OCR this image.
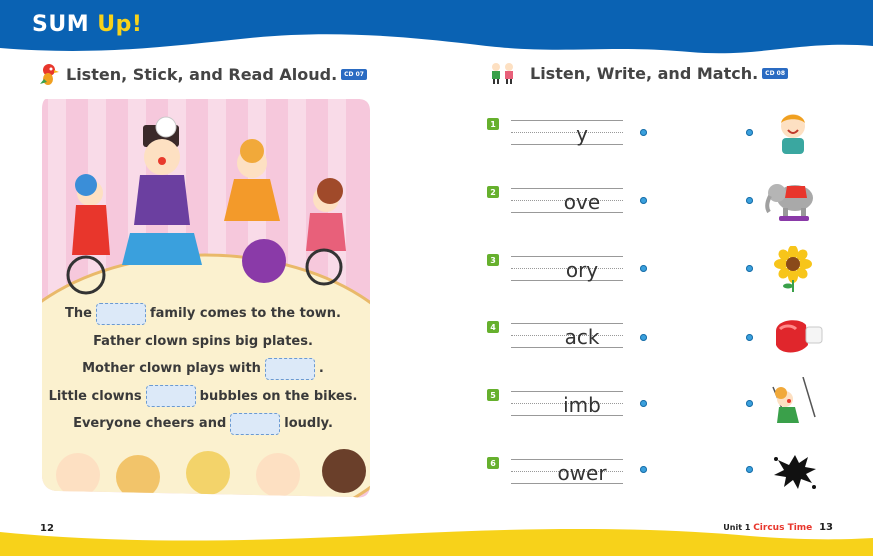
SUM Up!
Listen, Stick, and Read Aloud.	CD 07
The	family comes to the town.
Father clown spins big plates.
Mother clown plays with	.
Little clowns	bubbles on the bikes.
Everyone cheers and	loudly.
Listen, Write, and Match.	CD 08
1	y
2	ove
3	ory
4	ack
5	imb
6	ower
12	Unit 1 Circus Time 13
